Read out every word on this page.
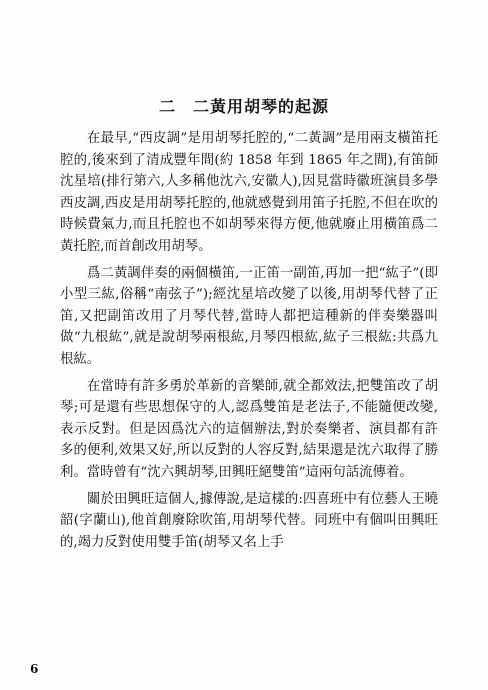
二　二黃用胡琴的起源

在最早,“西皮調”是用胡琴托腔的,“二黃調”是用兩支橫笛托腔的,後來到了清成豐年間(約 1858 年到 1865 年之間),有笛師沈星培(排行第六,人多稱他沈六,安徽人),因見當時徽班演員多學西皮調,西皮是用胡琴托腔的,他就感覺到用笛子托腔,不但在吹的時候費氣力,而且托腔也不如胡琴來得方便,他就廢止用橫笛爲二黃托腔,而首創改用胡琴。

爲二黃調伴奏的兩個橫笛,一正笛一副笛,再加一把“紘子”(即小型三紘,俗稱“南弦子”);經沈星培改變了以後,用胡琴代替了正笛,又把副笛改用了月琴代替,當時人都把這種新的伴奏樂器叫做“九根紘”,就是說胡琴兩根紘,月琴四根紘,紘子三根紘:共爲九根紘。

在當時有許多勇於革新的音樂師,就全都效法,把雙笛改了胡琴;可是還有些思想保守的人,認爲雙笛是老法子,不能隨便改變,表示反對。但是因爲沈六的這個辦法,對於奏樂者、演員都有許多的便利,效果又好,所以反對的人容反對,結果還是沈六取得了勝利。當時曾有“沈六興胡琴,田興旺絕雙笛”這兩句話流傳着。

關於田興旺這個人,據傳說,是這樣的:四喜班中有位藝人王曉韶(字蘭山),他首創廢除吹笛,用胡琴代替。同班中有個叫田興旺的,竭力反對使用雙手笛(胡琴又名上手

6
